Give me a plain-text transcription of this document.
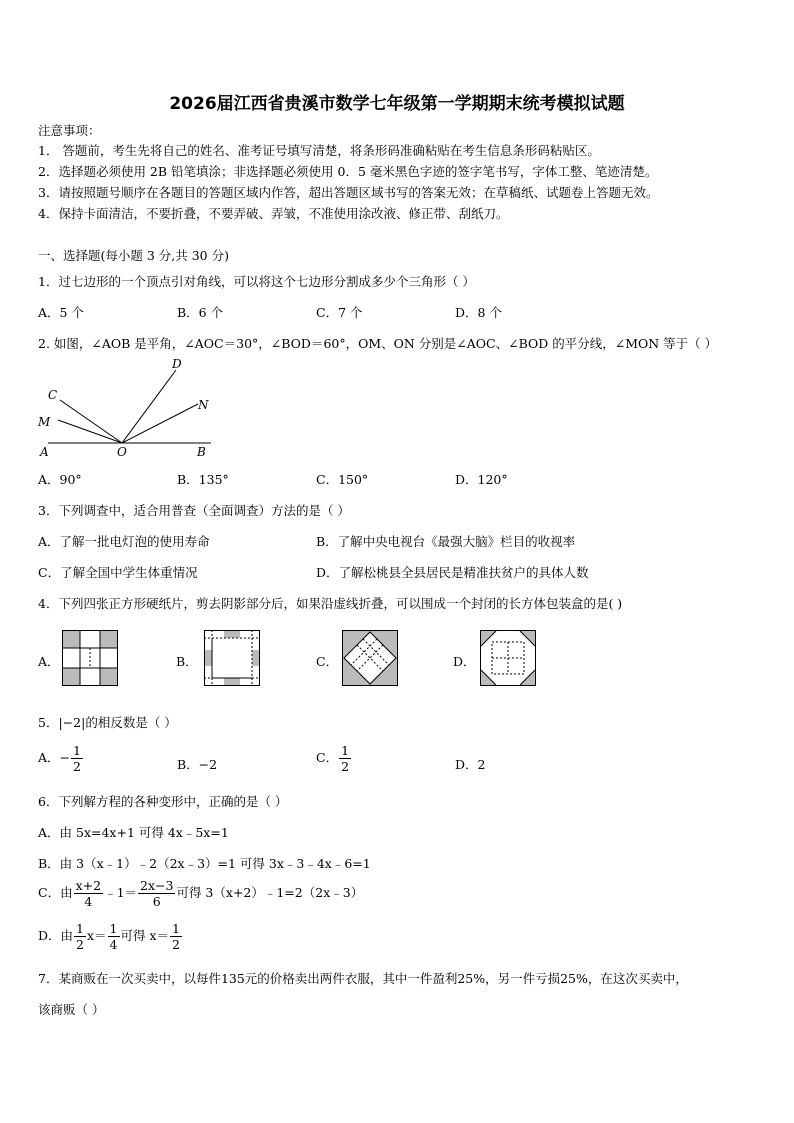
2026届江西省贵溪市数学七年级第一学期期末统考模拟试题
注意事项：
1． 答题前，考生先将自己的姓名、准考证号填写清楚，将条形码准确粘贴在考生信息条形码粘贴区。
2．选择题必须使用 2B 铅笔填涂；非选择题必须使用 0．5 毫米黑色字迹的签字笔书写，字体工整、笔迹清楚。
3．请按照题号顺序在各题目的答题区域内作答，超出答题区域书写的答案无效；在草稿纸、试题卷上答题无效。
4．保持卡面清洁，不要折叠，不要弄破、弄皱，不准使用涂改液、修正带、刮纸刀。
一、选择题(每小题 3 分,共 30 分)
1．过七边形的一个顶点引对角线，可以将这个七边形分割成多少个三角形（ ）
A．5 个	B．6 个	C．7 个	D．8 个
2. 如图，∠AOB 是平角，∠AOC＝30°，∠BOD＝60°，OM、ON 分别是∠AOC、∠BOD 的平分线，∠MON 等于（ ）
A	O	B
C
M
D
N
A．90°	B．135°	C．150°	D．120°
3．下列调查中，适合用普查（全面调查）方法的是（ ）
A．了解一批电灯泡的使用寿命	B．了解中央电视台《最强大脑》栏目的收视率
C．了解全国中学生体重情况	D．了解松桃县全县居民是精准扶贫户的具体人数
4．下列四张正方形硬纸片，剪去阴影部分后，如果沿虚线折叠，可以围成一个封闭的长方体包装盒的是( )
A．	B．	C．	D．
5．|−2|的相反数是（ ）
A．− $\frac{1}{2}$	B．−2	C． $\frac{1}{2}$	D．2
6．下列解方程的各种变形中，正确的是（ ）
A．由 5x=4x+1 可得 4x﹣5x=1
B．由 3（x﹣1）﹣2（2x﹣3）=1 可得 3x﹣3﹣4x﹣6=1
C．由 $\frac{x+2}{4}$ ﹣1＝ $\frac{2x-3}{6}$ 可得 3（x+2）﹣1=2（2x﹣3）
D．由 $\frac{1}{2} x= \frac{1}{4}$ 可得 $x= \frac{1}{2}$
7．某商贩在一次买卖中，以每件135元的价格卖出两件衣服，其中一件盈利25%，另一件亏损25%，在这次买卖中，
该商贩（ ）
